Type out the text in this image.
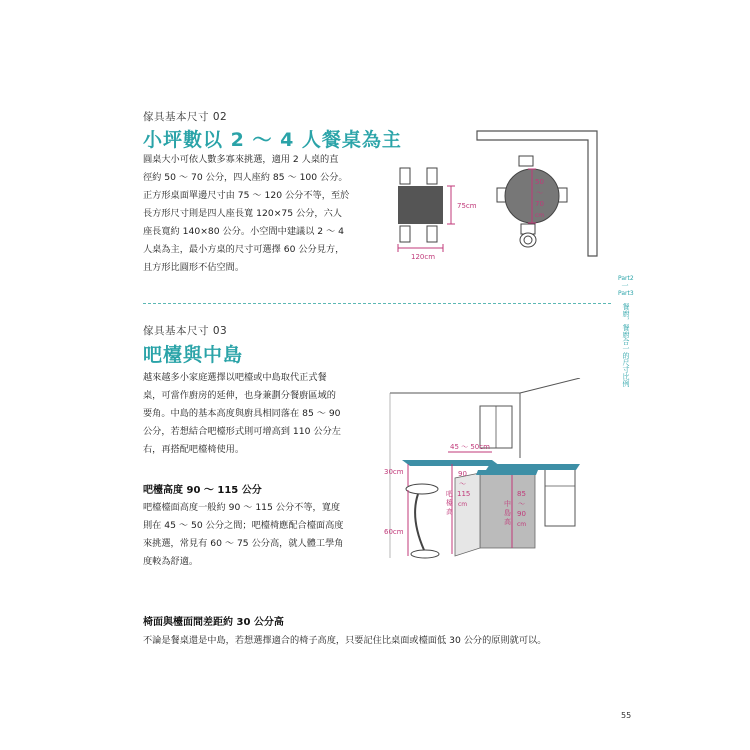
傢具基本尺寸 02
小坪數以 2 ～ 4 人餐桌為主
圓桌大小可依人數多寡來挑選，適用 2 人桌的直
徑約 50 ～ 70 公分，四人座約 85 ～ 100 公分。
正方形桌面單邊尺寸由 75 ～ 120 公分不等，至於
長方形尺寸則是四人座長寬 120×75 公分，六人
座長寬約 140×80 公分。小空間中建議以 2 ～ 4
人桌為主，最小方桌的尺寸可選擇 60 公分見方，
且方形比圓形不佔空間。
75cm
120cm
50
～
70
cm
Part2
一
Part3
餐廚，餐廚合一的尺寸比例
傢具基本尺寸 03
吧檯與中島
越來越多小家庭選擇以吧檯或中島取代正式餐
桌，可當作廚房的延伸，也身兼劃分餐廚區域的
要角。中島的基本高度與廚具相同落在 85 ～ 90
公分，若想結合吧檯形式則可增高到 110 公分左
右，再搭配吧檯椅使用。
吧檯高度 90 ～ 115 公分
吧檯檯面高度一般約 90 ～ 115 公分不等，寬度
則在 45 ～ 50 公分之間；吧檯椅應配合檯面高度
來挑選，常見有 60 ～ 75 公分高，就人體工學角
度較為舒適。
45 ～ 50cm
30cm
60cm
吧
檯
高
90
～
115
cm	中
島
高
85
～
90
cm
椅面與檯面間差距約 30 公分高
不論是餐桌還是中島，若想選擇適合的椅子高度，只要記住比桌面或檯面低 30 公分的原則就可以。
55
